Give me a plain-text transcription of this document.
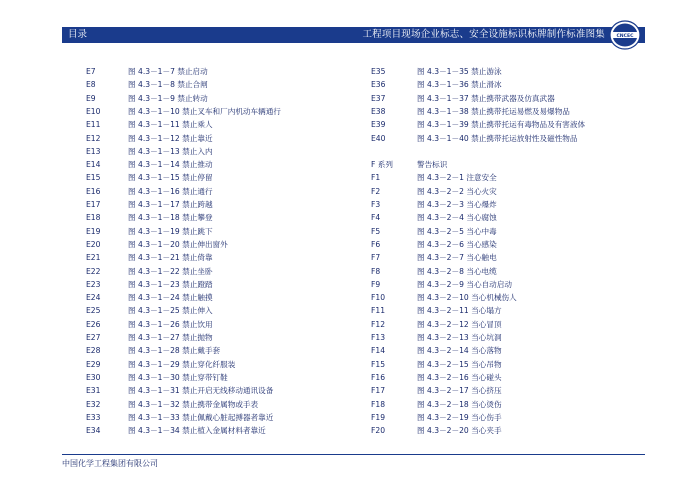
目录	工程项目现场企业标志、安全设施标识标牌制作标准图集 CNCEC
E7	图 4.3－1－7 禁止启动
E8	图 4.3－1－8 禁止合闸
E9	图 4.3－1－9 禁止转动
E10	图 4.3－1－10 禁止叉车和厂内机动车辆通行
E11	图 4.3－1－11 禁止乘人
E12	图 4.3－1－12 禁止靠近
E13	图 4.3－1－13 禁止入内
E14	图 4.3－1－14 禁止推动
E15	图 4.3－1－15 禁止停留
E16	图 4.3－1－16 禁止通行
E17	图 4.3－1－17 禁止跨越
E18	图 4.3－1－18 禁止攀登
E19	图 4.3－1－19 禁止跳下
E20	图 4.3－1－20 禁止伸出窗外
E21	图 4.3－1－21 禁止倚靠
E22	图 4.3－1－22 禁止坐卧
E23	图 4.3－1－23 禁止蹬踏
E24	图 4.3－1－24 禁止触摸
E25	图 4.3－1－25 禁止伸入
E26	图 4.3－1－26 禁止饮用
E27	图 4.3－1－27 禁止抛物
E28	图 4.3－1－28 禁止戴手套
E29	图 4.3－1－29 禁止穿化纤服装
E30	图 4.3－1－30 禁止穿带钉鞋
E31	图 4.3－1－31 禁止开启无线移动通讯设备
E32	图 4.3－1－32 禁止携带金属物或手表
E33	图 4.3－1－33 禁止佩戴心脏起搏器者靠近
E34	图 4.3－1－34 禁止植入金属材料者靠近
E35	图 4.3－1－35 禁止游泳
E36	图 4.3－1－36 禁止滑冰
E37	图 4.3－1－37 禁止携带武器及仿真武器
E38	图 4.3－1－38 禁止携带托运易燃及易爆物品
E39	图 4.3－1－39 禁止携带托运有毒物品及有害液体
E40	图 4.3－1－40 禁止携带托运放射性及磁性物品
F 系列	警告标识
F1	图 4.3－2－1 注意安全
F2	图 4.3－2－2 当心火灾
F3	图 4.3－2－3 当心爆炸
F4	图 4.3－2－4 当心腐蚀
F5	图 4.3－2－5 当心中毒
F6	图 4.3－2－6 当心感染
F7	图 4.3－2－7 当心触电
F8	图 4.3－2－8 当心电缆
F9	图 4.3－2－9 当心自动启动
F10	图 4.3－2－10 当心机械伤人
F11	图 4.3－2－11 当心塌方
F12	图 4.3－2－12 当心冒顶
F13	图 4.3－2－13 当心坑洞
F14	图 4.3－2－14 当心落物
F15	图 4.3－2－15 当心吊物
F16	图 4.3－2－16 当心碰头
F17	图 4.3－2－17 当心挤压
F18	图 4.3－2－18 当心烫伤
F19	图 4.3－2－19 当心伤手
F20	图 4.3－2－20 当心夹手
中国化学工程集团有限公司
